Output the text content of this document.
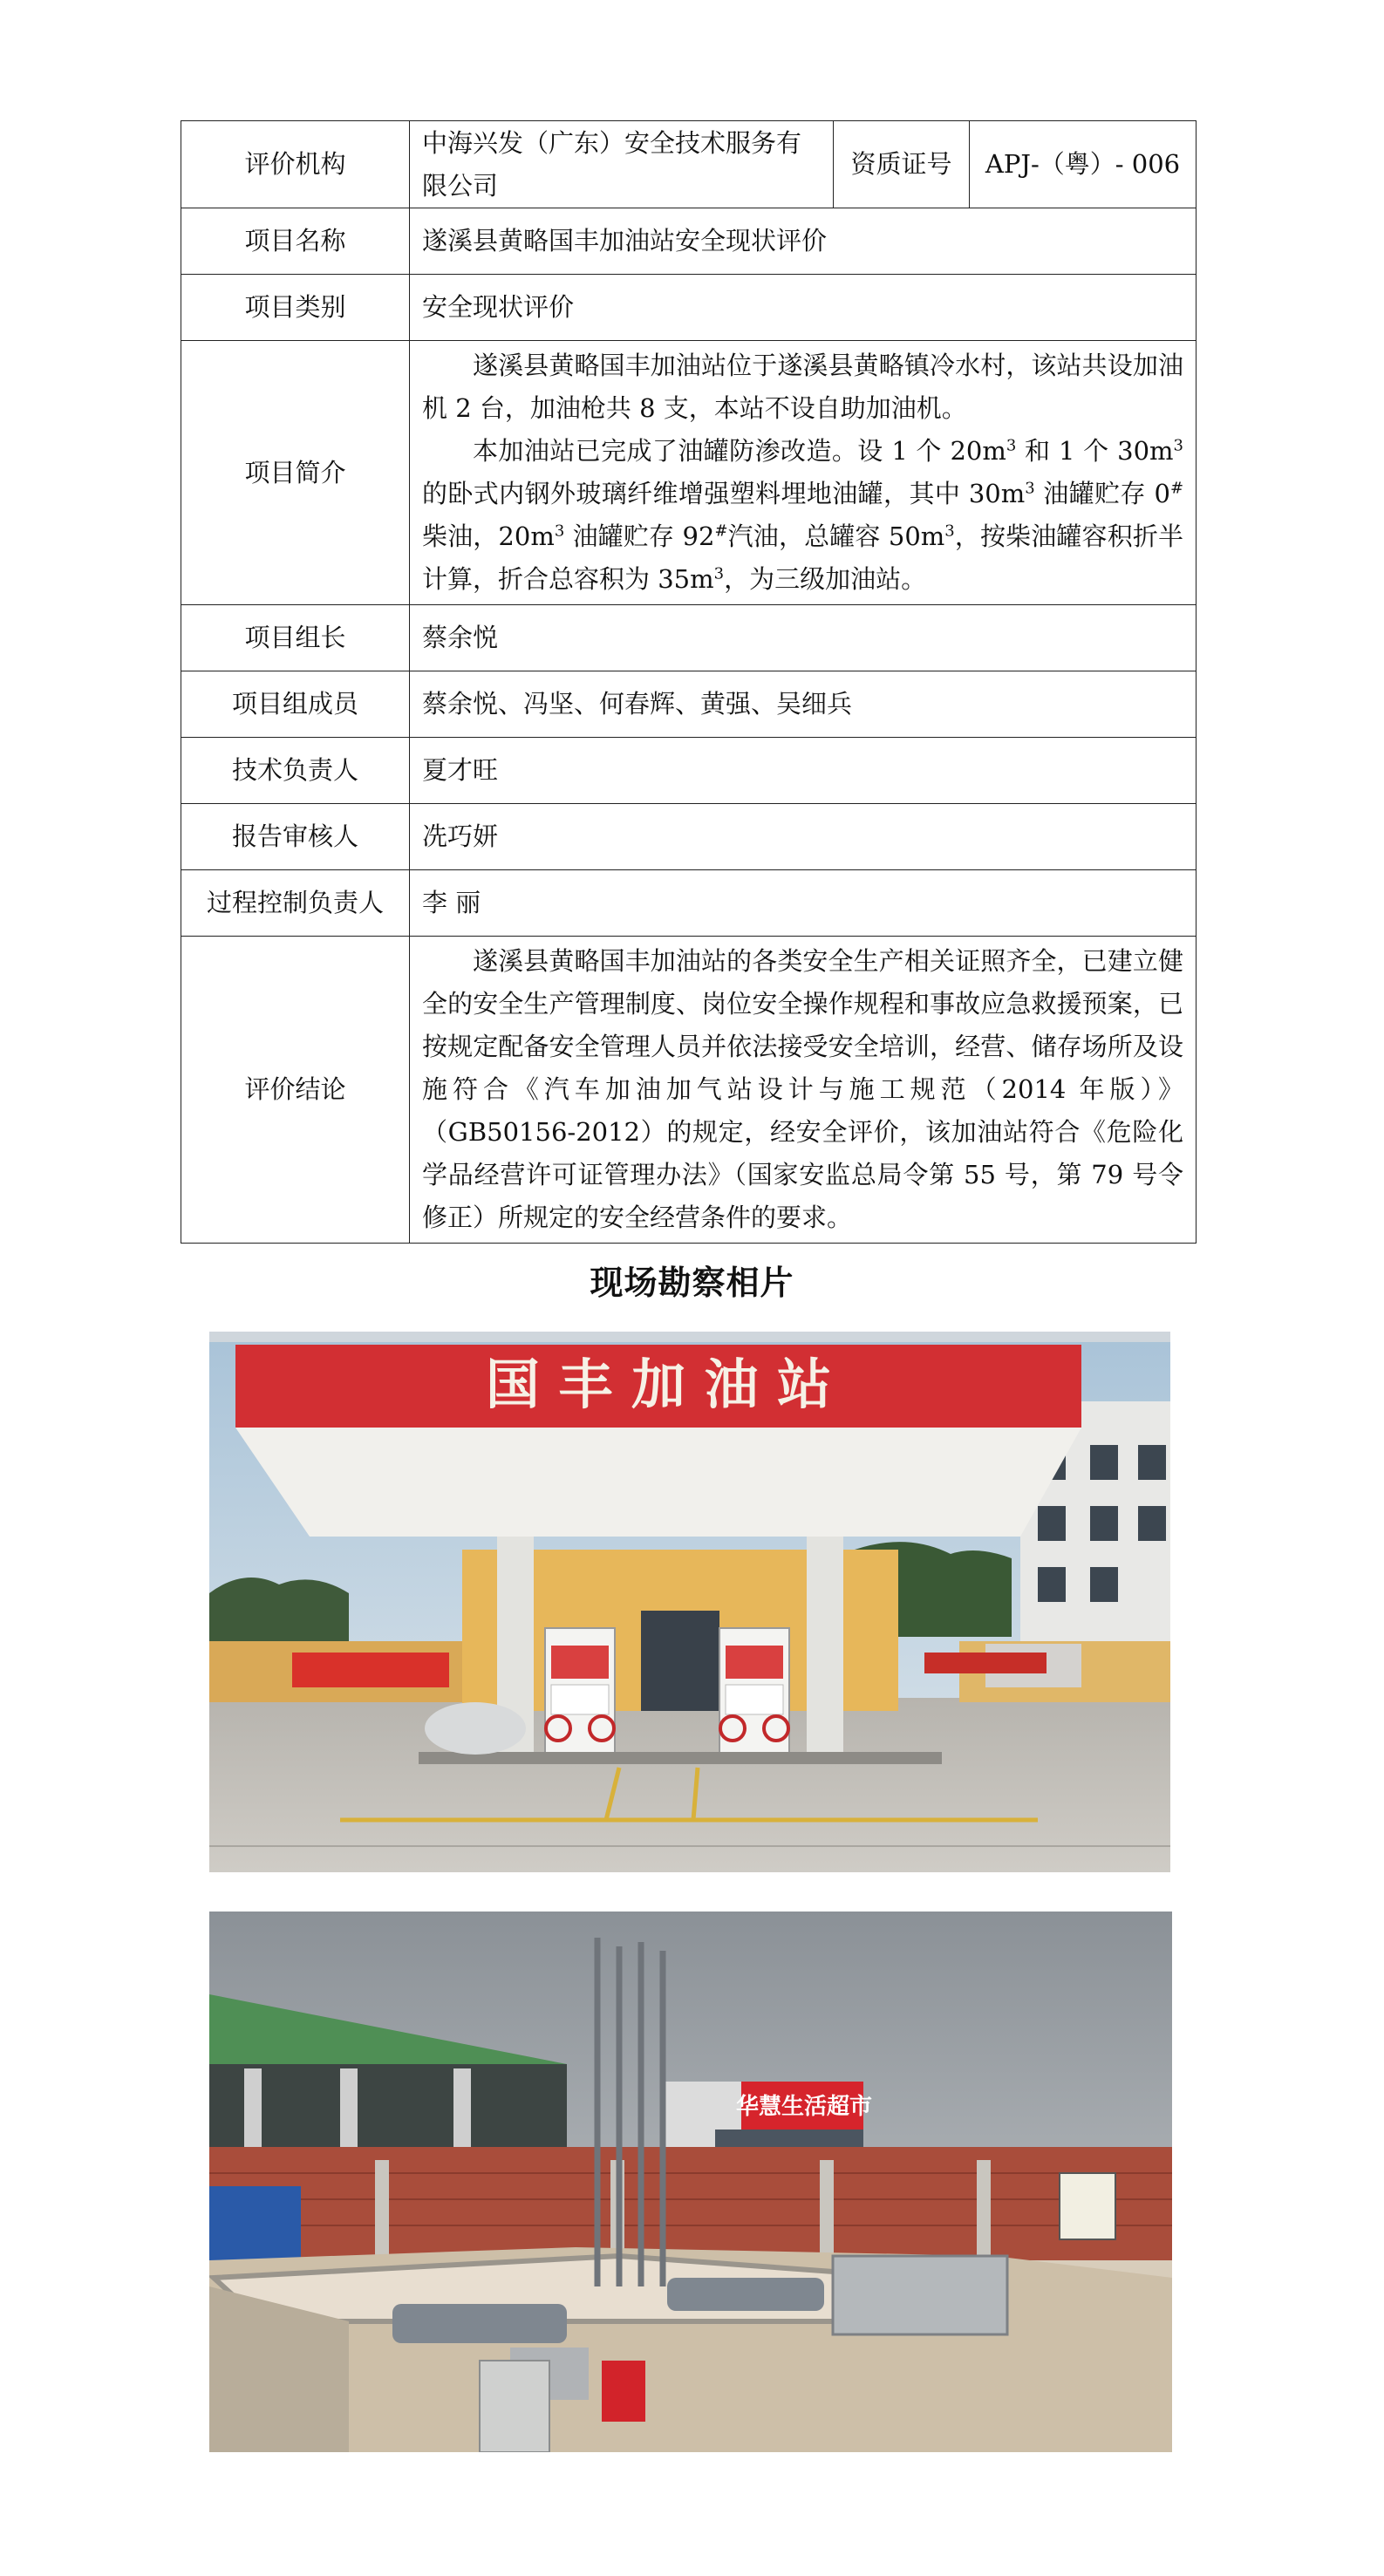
评价机构	中海兴发（广东）安全技术服务有限公司	资质证号	APJ-（粤）- 006
项目名称	遂溪县黄略国丰加油站安全现状评价		
项目类别	安全现状评价		
项目简介	遂溪县黄略国丰加油站位于遂溪县黄略镇冷水村，该站共设加油机 2 台，加油枪共 8 支，本站不设自助加油机。

本加油站已完成了油罐防渗改造。设 1 个 $20m^3$ 和 1 个 $30m^3$ 的卧式内钢外玻璃纤维增强塑料埋地油罐，其中 $30m^3$ 油罐贮存 0#柴油，$20m^3$ 油罐贮存 92#汽油，总罐容 $50m^3$，按柴油罐容积折半计算，折合总容积为 $35m^3$，为三级加油站。		

项目组长	蔡余悦		
项目组成员	蔡余悦、冯坚、何春辉、黄强、吴细兵		
技术负责人	夏才旺		
报告审核人	冼巧妍		
过程控制负责人	李 丽		
评价结论	遂溪县黄略国丰加油站的各类安全生产相关证照齐全，已建立健全的安全生产管理制度、岗位安全操作规程和事故应急救援预案，已按规定配备安全管理人员并依法接受安全培训，经营、储存场所及设施符合《汽车加油加气站设计与施工规范（2014 年版）》（GB50156-2012）的规定，经安全评价，该加油站符合《危险化学品经营许可证管理办法》（国家安监总局令第 55 号，第 79 号令修正）所规定的安全经营条件的要求。		

现场勘察相片
国 丰 加 油 站
华慧生活超市
